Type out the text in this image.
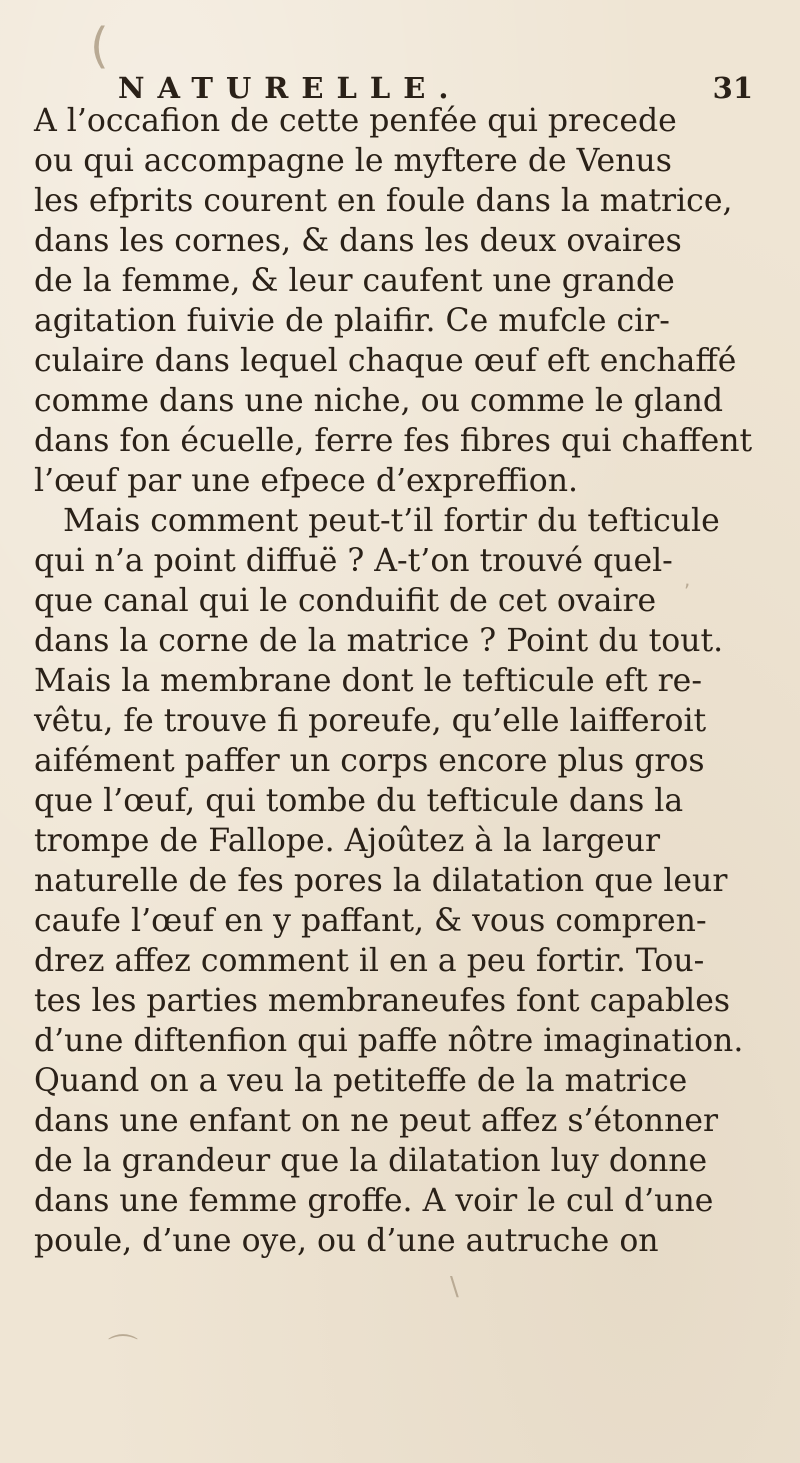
(
⌒
,
\
NATURELLE.	31
A l’occafion de cette penfée qui precede
ou qui accompagne le myftere de Venus
les efprits courent en foule dans la matrice,
dans les cornes, & dans les deux ovaires
de la femme, & leur caufent une grande
agitation fuivie de plaifir. Ce mufcle cir-
culaire dans lequel chaque œuf eft enchaffé
comme dans une niche, ou comme le gland
dans fon écuelle, ferre fes fibres qui chaffent
l’œuf par une efpece d’expreffion.
Mais comment peut-t’il fortir du tefticule
qui n’a point diffuë ? A-t’on trouvé quel-
que canal qui le conduifit de cet ovaire
dans la corne de la matrice ? Point du tout.
Mais la membrane dont le tefticule eft re-
vêtu, fe trouve fi poreufe, qu’elle laifferoit
aifément paffer un corps encore plus gros
que l’œuf, qui tombe du tefticule dans la
trompe de Fallope. Ajoûtez à la largeur
naturelle de fes pores la dilatation que leur
caufe l’œuf en y paffant, & vous compren-
drez affez comment il en a peu fortir. Tou-
tes les parties membraneufes font capables
d’une diftenfion qui paffe nôtre imagination.
Quand on a veu la petiteffe de la matrice
dans une enfant on ne peut affez s’étonner
de la grandeur que la dilatation luy donne
dans une femme groffe. A voir le cul d’une
poule, d’une oye, ou d’une autruche on
